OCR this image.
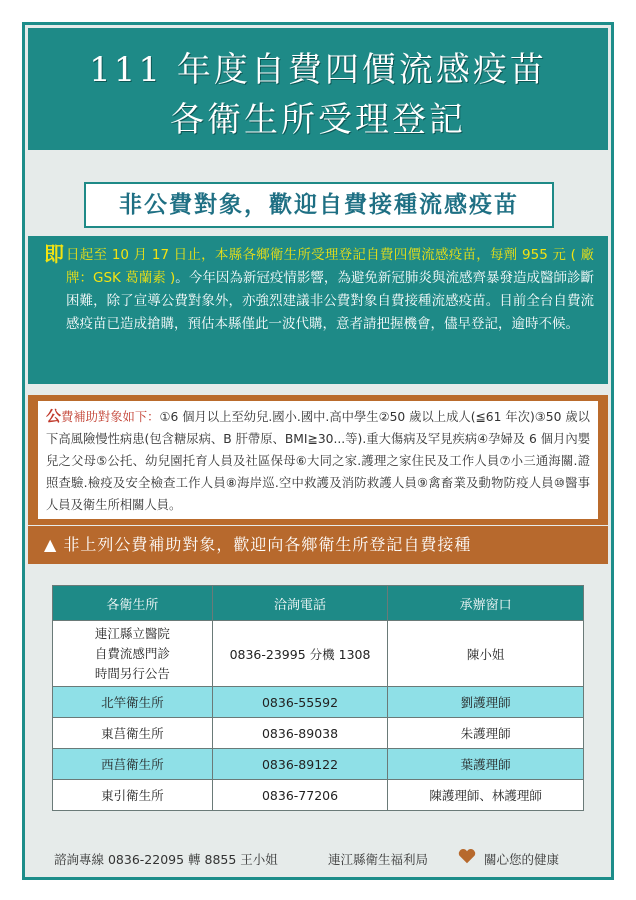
111 年度自費四價流感疫苗
各衛生所受理登記
非公費對象，歡迎自費接種流感疫苗
即 日起至 10 月 17 日止，本縣各鄉衛生所受理登記自費四價流感疫苗，每劑 955 元 ( 廠牌：GSK 葛蘭素 )。今年因為新冠疫情影響，為避免新冠肺炎與流感齊暴發造成醫師診斷困難，除了宣導公費對象外，亦強烈建議非公費對象自費接種流感疫苗。目前全台自費流感疫苗已造成搶購，預估本縣僅此一波代購，意者請把握機會，儘早登記，逾時不候。
公費補助對象如下：①6 個月以上至幼兒.國小.國中.高中學生②50 歲以上成人(≦61 年次)③50 歲以下高風險慢性病患(包含糖尿病、B 肝帶原、BMI≧30...等).重大傷病及罕見疾病④孕婦及 6 個月內嬰兒之父母⑤公托、幼兒園托育人員及社區保母⑥大同之家.護理之家住民及工作人員⑦小三通海關.證照查驗.檢疫及安全檢查工作人員⑧海岸巡.空中救護及消防救護人員⑨禽畜業及動物防疫人員⑩醫事人員及衛生所相關人員。
▲ 非上列公費補助對象，歡迎向各鄉衛生所登記自費接種
各衛生所	洽詢電話	承辦窗口

連江縣立醫院
自費流感門診
時間另行公告	0836-23995 分機 1308	陳小姐
北竿衛生所	0836-55592	劉護理師
東莒衛生所	0836-89038	朱護理師
西莒衛生所	0836-89122	葉護理師
東引衛生所	0836-77206	陳護理師、林護理師
諮詢專線 0836-22095 轉 8855 王小姐	連江縣衛生福利局	關心您的健康
